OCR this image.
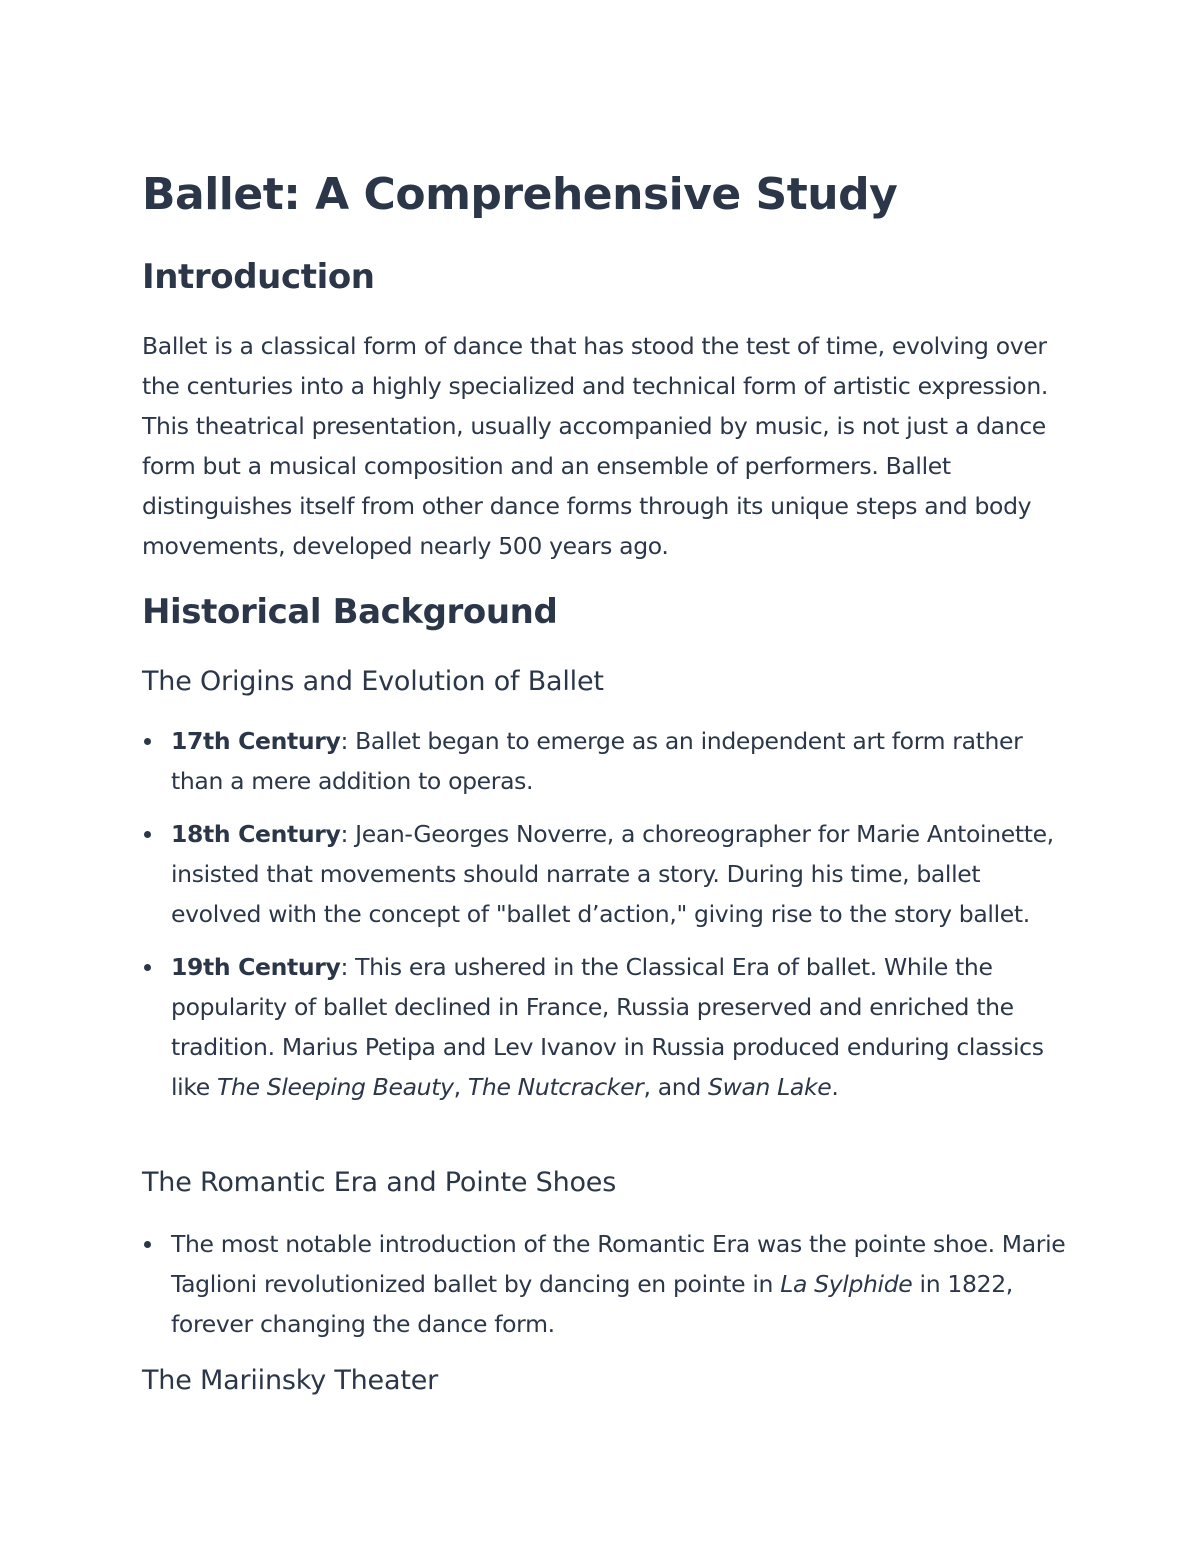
Ballet: A Comprehensive Study
Introduction

Ballet is a classical form of dance that has stood the test of time, evolving over the centuries into a highly specialized and technical form of artistic expression. This theatrical presentation, usually accompanied by music, is not just a dance form but a musical composition and an ensemble of performers. Ballet distinguishes itself from other dance forms through its unique steps and body movements, developed nearly 500 years ago.

Historical Background
The Origins and Evolution of Ballet
17th Century: Ballet began to emerge as an independent art form rather than a mere addition to operas.
18th Century: Jean-Georges Noverre, a choreographer for Marie Antoinette, insisted that movements should narrate a story. During his time, ballet evolved with the concept of "ballet d’action," giving rise to the story ballet.
19th Century: This era ushered in the Classical Era of ballet. While the popularity of ballet declined in France, Russia preserved and enriched the tradition. Marius Petipa and Lev Ivanov in Russia produced enduring classics like The Sleeping Beauty, The Nutcracker, and Swan Lake.
The Romantic Era and Pointe Shoes
The most notable introduction of the Romantic Era was the pointe shoe. Marie Taglioni revolutionized ballet by dancing en pointe in La Sylphide in 1822, forever changing the dance form.
The Mariinsky Theater
